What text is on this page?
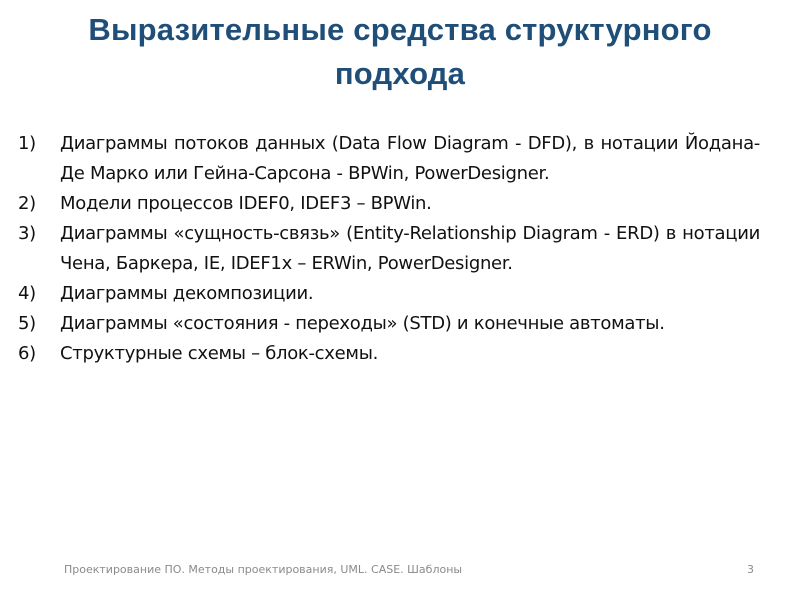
Выразительные средства структурного подхода
1)	Диаграммы потоков данных (Data Flow Diagram - DFD), в нотации Йодана-Де Марко или Гейна-Сарсона - BPWin, PowerDesigner.
2)	Модели процессов IDEF0, IDEF3 – BPWin.
3)	Диаграммы «сущность-связь» (Entity-Relationship Diagram - ERD) в нотации Чена, Баркера, IE, IDEF1x – ERWin, PowerDesigner.
4)	Диаграммы декомпозиции.
5)	Диаграммы «состояния - переходы» (STD) и конечные автоматы.
6)	Структурные схемы – блок-схемы.
Проектирование ПО. Методы проектирования, UML. CASE. Шаблоны	3
